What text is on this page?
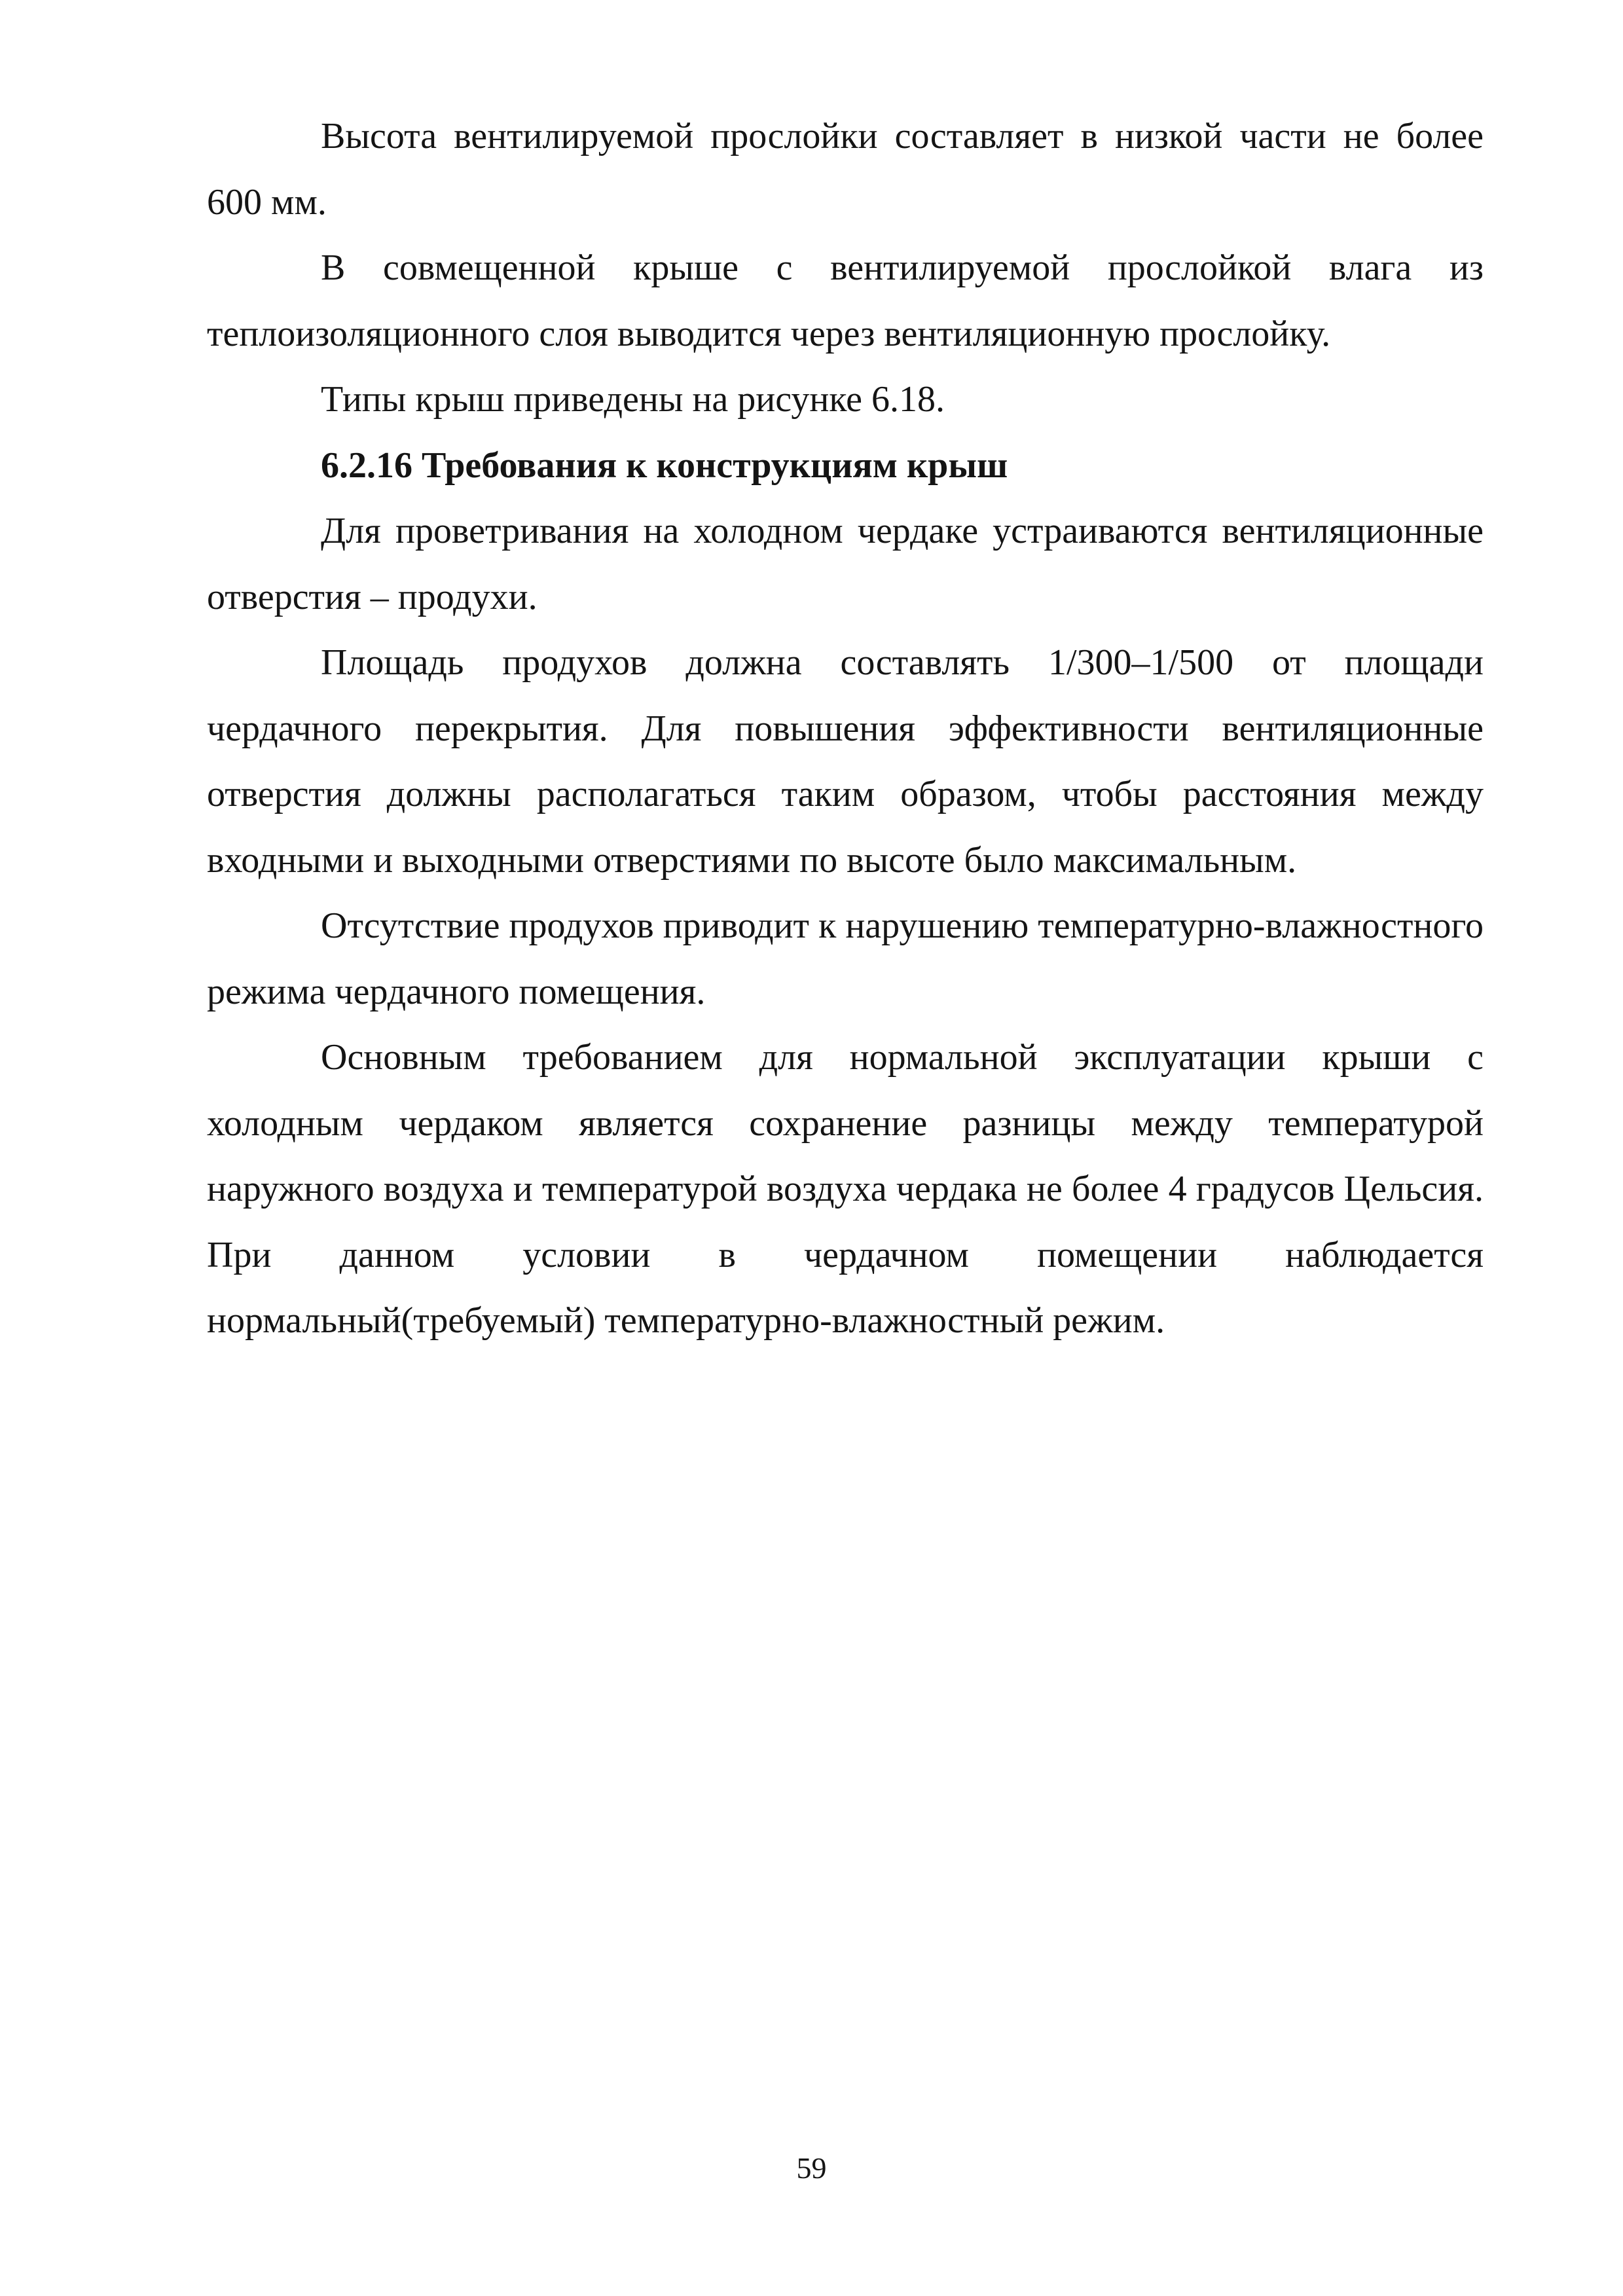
Высота вентилируемой прослойки составляет в низкой части не более 600 мм.

В совмещенной крыше с вентилируемой прослойкой влага из теплоизоляционного слоя выводится через вентиляционную прослойку.

Типы крыш приведены на рисунке 6.18.

6.2.16 Требования к конструкциям крыш

Для проветривания на холодном чердаке устраиваются вентиляционные отверстия – продухи.

Площадь продухов должна составлять 1/300–1/500 от площади чердачного перекрытия. Для повышения эффективности вентиляционные отверстия должны располагаться таким образом, чтобы расстояния между входными и выходными отверстиями по высоте было максимальным.

Отсутствие продухов приводит к нарушению температурно-влажностного режима чердачного помещения.

Основным требованием для нормальной эксплуатации крыши с холодным чердаком является сохранение разницы между температурой наружного воздуха и температурой воздуха чердака не более 4 градусов Цельсия. При данном условии в чердачном помещении наблюдается нормальный(требуемый) температурно-влажностный режим.

59
